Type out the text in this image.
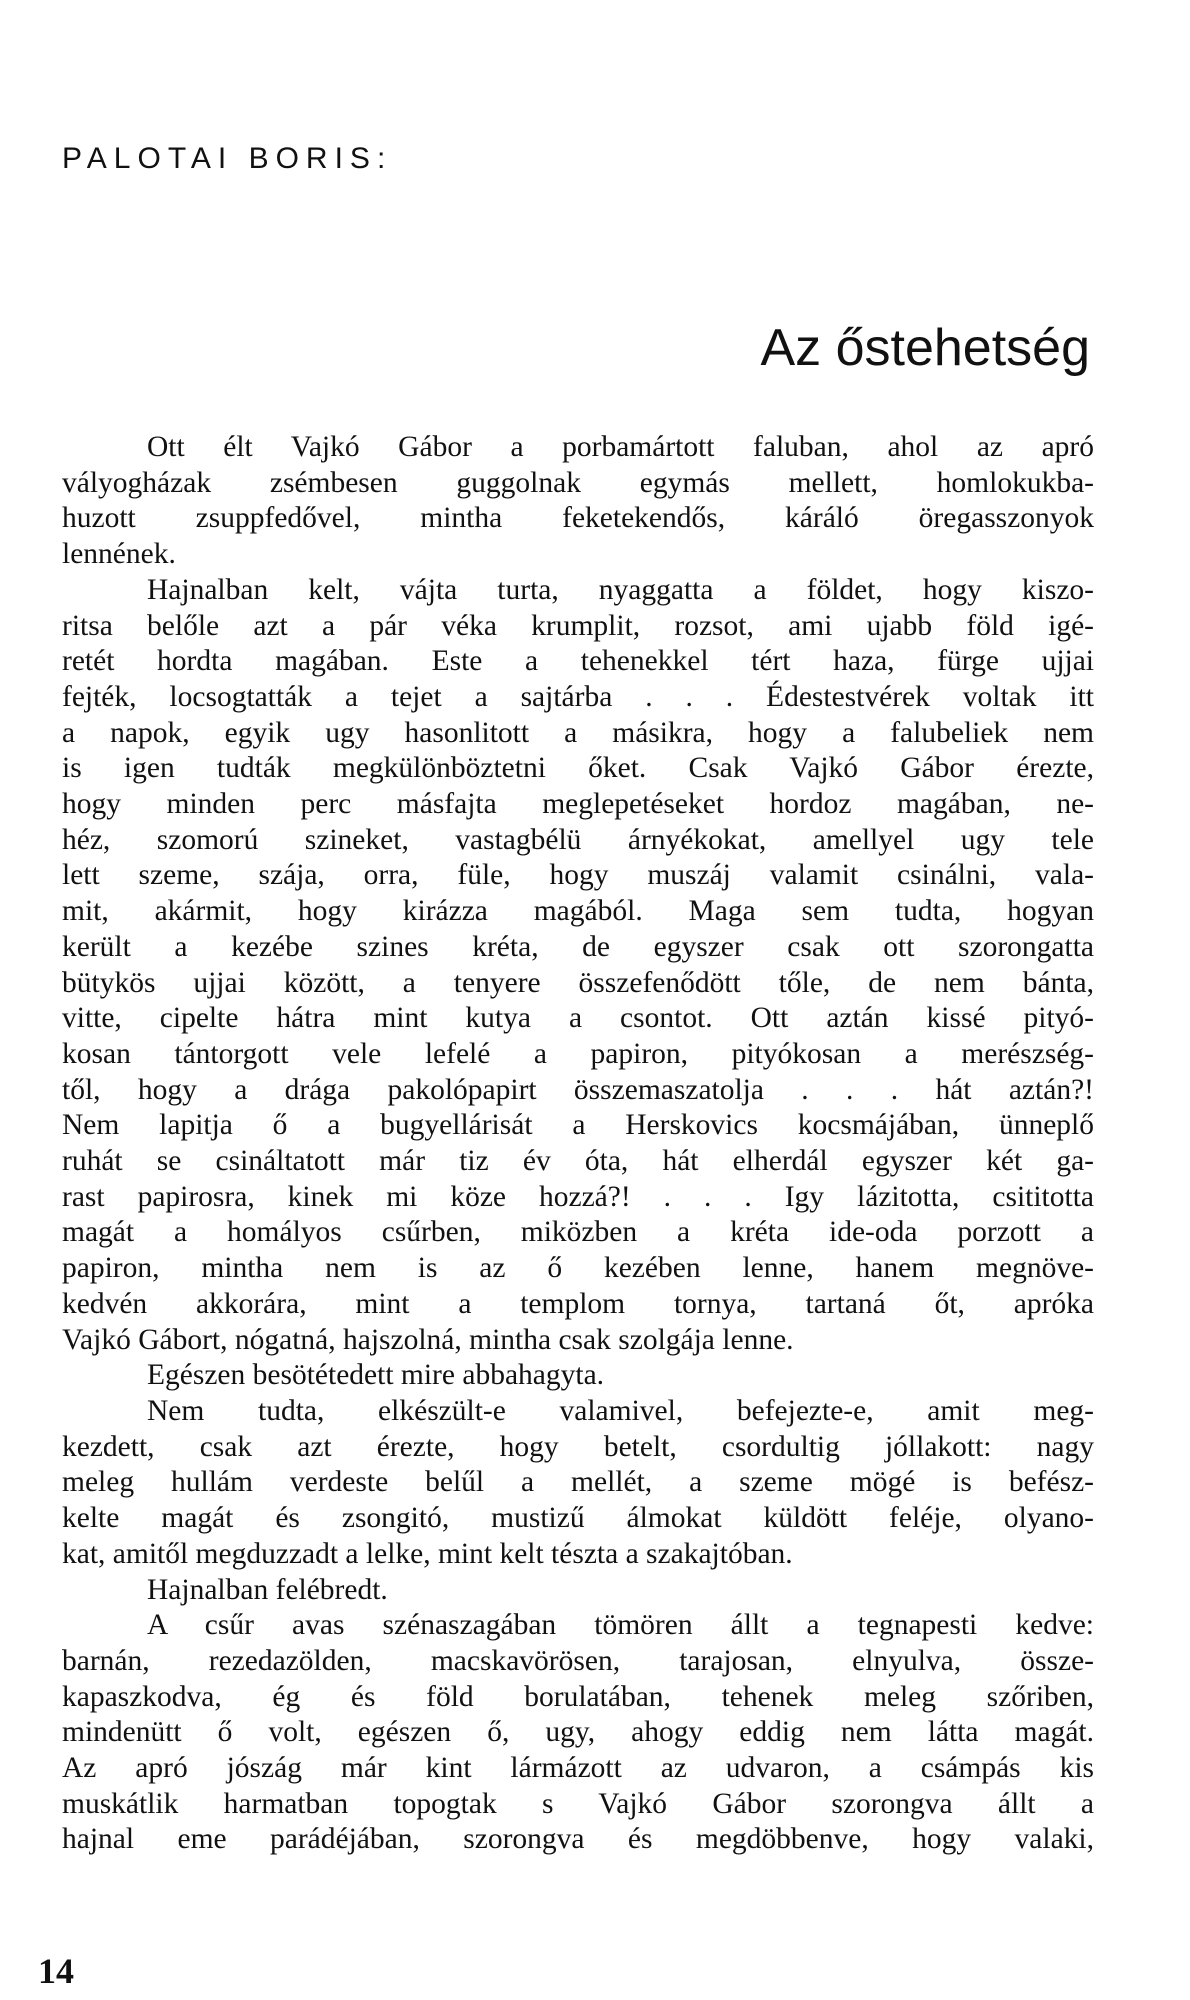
PALOTAI BORIS:
Az őstehetség
Ott élt Vajkó Gábor a porbamártott faluban, ahol az apró
vályogházak zsémbesen guggolnak egymás mellett, homlokukba-
huzott zsuppfedővel, mintha feketekendős, káráló öregasszonyok
lennének.
Hajnalban kelt, vájta turta, nyaggatta a földet, hogy kiszo-
ritsa belőle azt a pár véka krumplit, rozsot, ami ujabb föld igé-
retét hordta magában. Este a tehenekkel tért haza, fürge ujjai
fejték, locsogtatták a tejet a sajtárba . . . Édestestvérek voltak itt
a napok, egyik ugy hasonlitott a másikra, hogy a falubeliek nem
is igen tudták megkülönböztetni őket. Csak Vajkó Gábor érezte,
hogy minden perc másfajta meglepetéseket hordoz magában, ne-
héz, szomorú szineket, vastagbélü árnyékokat, amellyel ugy tele
lett szeme, szája, orra, füle, hogy muszáj valamit csinálni, vala-
mit, akármit, hogy kirázza magából. Maga sem tudta, hogyan
került a kezébe szines kréta, de egyszer csak ott szorongatta
bütykös ujjai között, a tenyere összefenődött tőle, de nem bánta,
vitte, cipelte hátra mint kutya a csontot. Ott aztán kissé pityó-
kosan tántorgott vele lefelé a papiron, pityókosan a merészség-
től, hogy a drága pakolópapirt összemaszatolja . . . hát aztán?!
Nem lapitja ő a bugyellárisát a Herskovics kocsmájában, ünneplő
ruhát se csináltatott már tiz év óta, hát elherdál egyszer két ga-
rast papirosra, kinek mi köze hozzá?! . . . Igy lázitotta, csititotta
magát a homályos csűrben, miközben a kréta ide-oda porzott a
papiron, mintha nem is az ő kezében lenne, hanem megnöve-
kedvén akkorára, mint a templom tornya, tartaná őt, apróka
Vajkó Gábort, nógatná, hajszolná, mintha csak szolgája lenne.
Egészen besötétedett mire abbahagyta.
Nem tudta, elkészült-e valamivel, befejezte-e, amit meg-
kezdett, csak azt érezte, hogy betelt, csordultig jóllakott: nagy
meleg hullám verdeste belűl a mellét, a szeme mögé is befész-
kelte magát és zsongitó, mustizű álmokat küldött feléje, olyano-
kat, amitől megduzzadt a lelke, mint kelt tészta a szakajtóban.
Hajnalban felébredt.
A csűr avas szénaszagában tömören állt a tegnapesti kedve:
barnán, rezedazölden, macskavörösen, tarajosan, elnyulva, össze-
kapaszkodva, ég és föld borulatában, tehenek meleg szőriben,
mindenütt ő volt, egészen ő, ugy, ahogy eddig nem látta magát.
Az apró jószág már kint lármázott az udvaron, a csámpás kis
muskátlik harmatban topogtak s Vajkó Gábor szorongva állt a
hajnal eme parádéjában, szorongva és megdöbbenve, hogy valaki,

14
